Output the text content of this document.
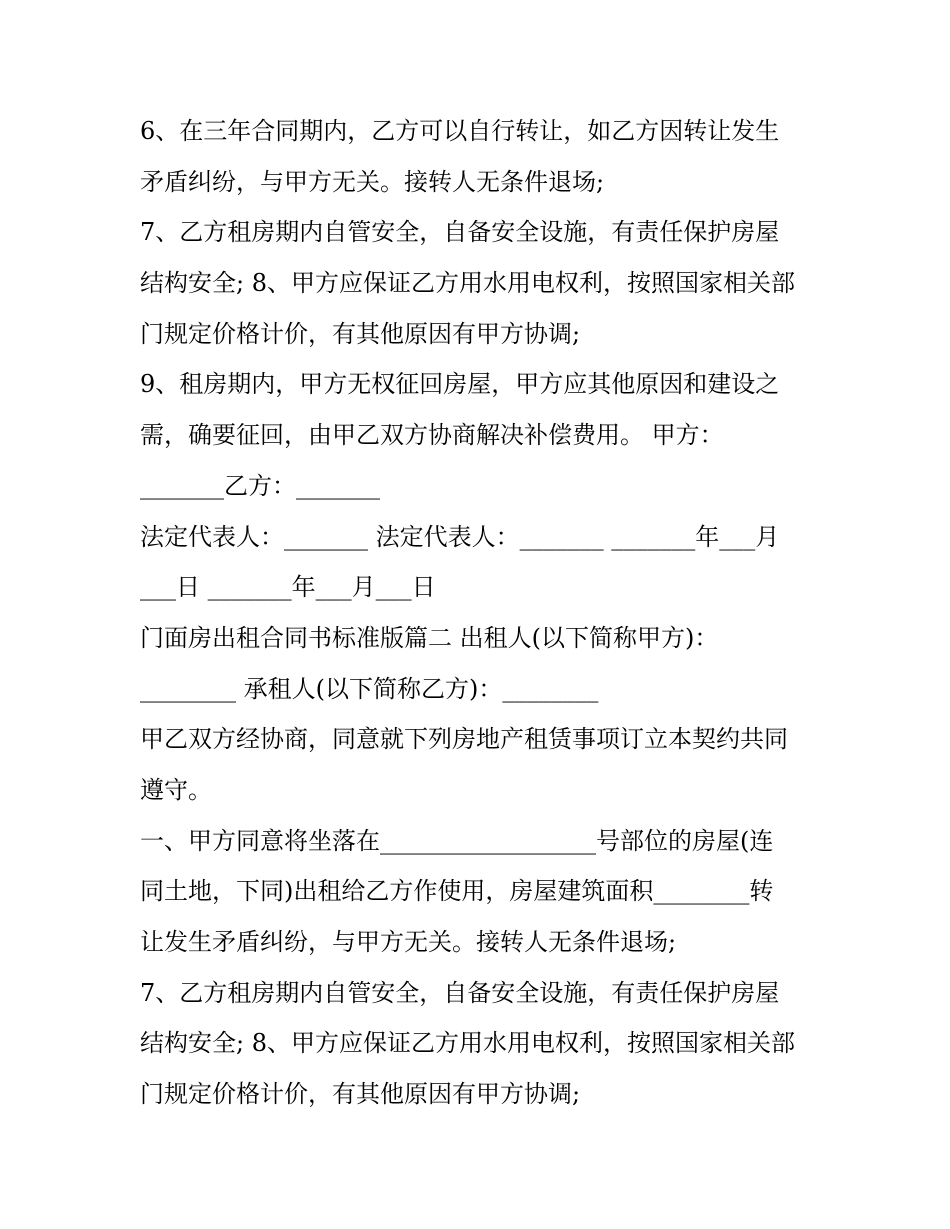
6、在三年合同期内，乙方可以自行转让，如乙方因转让发生
矛盾纠纷，与甲方无关。接转人无条件退场;
7、乙方租房期内自管安全，自备安全设施，有责任保护房屋
结构安全; 8、甲方应保证乙方用水用电权利，按照国家相关部
门规定价格计价，有其他原因有甲方协调;
9、租房期内，甲方无权征回房屋，甲方应其他原因和建设之
需，确要征回，由甲乙双方协商解决补偿费用。 甲方：
_______乙方：_______
法定代表人：_______ 法定代表人：_______ _______年___月
___日 _______年___月___日
门面房出租合同书标准版篇二 出租人(以下简称甲方)：
________ 承租人(以下简称乙方)：________
甲乙双方经协商，同意就下列房地产租赁事项订立本契约共同
遵守。
一、甲方同意将坐落在__________________号部位的房屋(连
同土地，下同)出租给乙方作使用，房屋建筑面积________转
让发生矛盾纠纷，与甲方无关。接转人无条件退场;
7、乙方租房期内自管安全，自备安全设施，有责任保护房屋
结构安全; 8、甲方应保证乙方用水用电权利，按照国家相关部
门规定价格计价，有其他原因有甲方协调;
